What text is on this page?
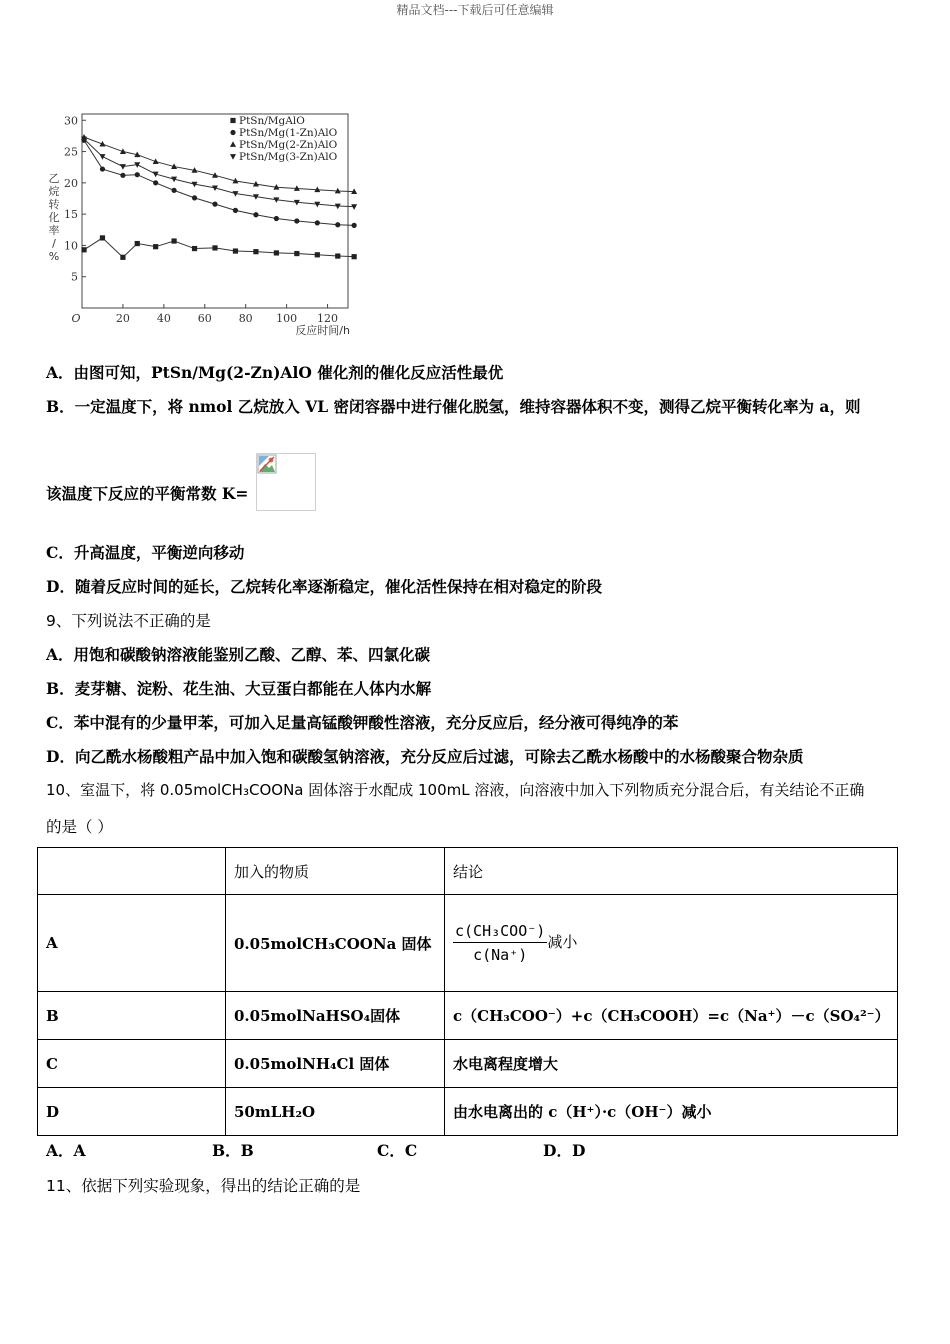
精品文档---下载后可任意编辑
5
10
15
20
25
30
20 40 60 80 100 120
O
反应时间/h
乙
烷
转
化
率
/
%
PtSn/MgAlO
PtSn/Mg(1-Zn)AlO
PtSn/Mg(2-Zn)AlO
PtSn/Mg(3-Zn)AlO
A．由图可知，PtSn/Mg(2-Zn)AlO 催化剂的催化反应活性最优
B．一定温度下，将 nmol 乙烷放入 VL 密闭容器中进行催化脱氢，维持容器体积不变，测得乙烷平衡转化率为 a，则
该温度下反应的平衡常数 K=
C．升高温度，平衡逆向移动
D．随着反应时间的延长，乙烷转化率逐渐稳定，催化活性保持在相对稳定的阶段
9、下列说法不正确的是
A．用饱和碳酸钠溶液能鉴别乙酸、乙醇、苯、四氯化碳
B．麦芽糖、淀粉、花生油、大豆蛋白都能在人体内水解
C．苯中混有的少量甲苯，可加入足量高锰酸钾酸性溶液，充分反应后，经分液可得纯净的苯
D．向乙酰水杨酸粗产品中加入饱和碳酸氢钠溶液，充分反应后过滤，可除去乙酰水杨酸中的水杨酸聚合物杂质
10、室温下，将 0.05molCH₃COONa 固体溶于水配成 100mL 溶液，向溶液中加入下列物质充分混合后，有关结论不正确
的是（ ）
	加入的物质	结论
A	0.05molCH₃COONa 固体	$\frac{\text{c(CH₃COO⁻)}}{c(Na^+)}$ 减小
B	0.05molNaHSO₄固体	c（CH₃COO⁻）+c（CH₃COOH）=c（Na⁺）－c（SO₄²⁻）
C	0.05molNH₄Cl 固体	水电离程度增大
D	50mLH₂O	由水电离出的 c（H⁺）·c（OH⁻）减小
A．A	B．B	C．C	D．D
11、依据下列实验现象，得出的结论正确的是
